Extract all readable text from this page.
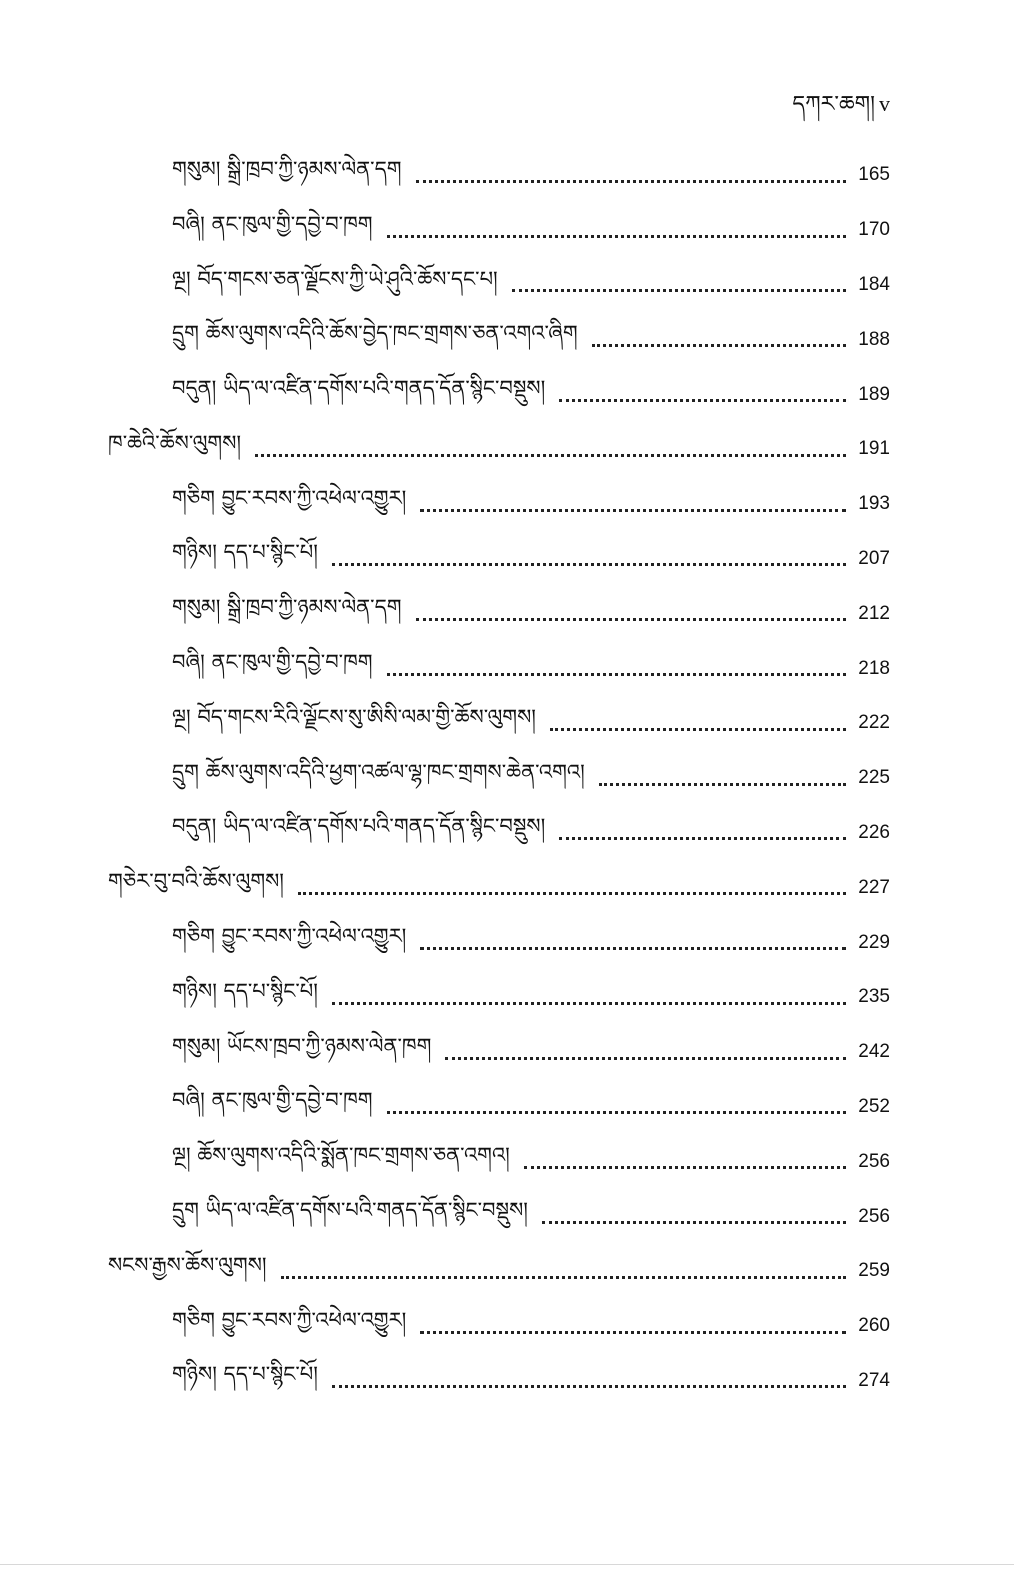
དཀར་ཆག། v
གསུམ། སྒྲི་ཁྲབ་ཀྱི་ཉམས་ལེན་དག	165
བཞི། ནང་ཁུལ་གྱི་དབྱེ་བ་ཁག	170
ལྔ། བོད་གངས་ཅན་ལྗོངས་ཀྱི་ཡེ་ཤུའི་ཆོས་དང་པ།	184
དྲུག ཆོས་ལུགས་འདིའི་ཆོས་བྱེད་ཁང་གྲགས་ཅན་འགའ་ཞིག	188
བདུན། ཡིད་ལ་འཛིན་དགོས་པའི་གནད་དོན་སྙིང་བསྡུས།	189
ཁ་ཆེའི་ཆོས་ལུགས།	191
གཅིག བྱུང་རབས་ཀྱི་འཕེལ་འགྱུར།	193
གཉིས། དད་པ་སྙིང་པོ།	207
གསུམ། སྒྲི་ཁྲབ་ཀྱི་ཉམས་ལེན་དག	212
བཞི། ནང་ཁུལ་གྱི་དབྱེ་བ་ཁག	218
ལྔ། བོད་གངས་རིའི་ལྗོངས་སུ་ཨིསི་ལམ་གྱི་ཆོས་ལུགས།	222
དྲུག ཆོས་ལུགས་འདིའི་ཕྱག་འཚལ་ལྷ་ཁང་གྲགས་ཆེན་འགའ།	225
བདུན། ཡིད་ལ་འཛིན་དགོས་པའི་གནད་དོན་སྙིང་བསྡུས།	226
གཅེར་བུ་བའི་ཆོས་ལུགས།	227
གཅིག བྱུང་རབས་ཀྱི་འཕེལ་འགྱུར།	229
གཉིས། དད་པ་སྙིང་པོ།	235
གསུམ། ཡོངས་ཁྲབ་ཀྱི་ཉམས་ལེན་ཁག	242
བཞི། ནང་ཁུལ་གྱི་དབྱེ་བ་ཁག	252
ལྔ། ཆོས་ལུགས་འདིའི་སྨོན་ཁང་གྲགས་ཅན་འགའ།	256
དྲུག ཡིད་ལ་འཛིན་དགོས་པའི་གནད་དོན་སྙིང་བསྡུས།	256
སངས་རྒྱས་ཆོས་ལུགས།	259
གཅིག བྱུང་རབས་ཀྱི་འཕེལ་འགྱུར།	260
གཉིས། དད་པ་སྙིང་པོ།	274
